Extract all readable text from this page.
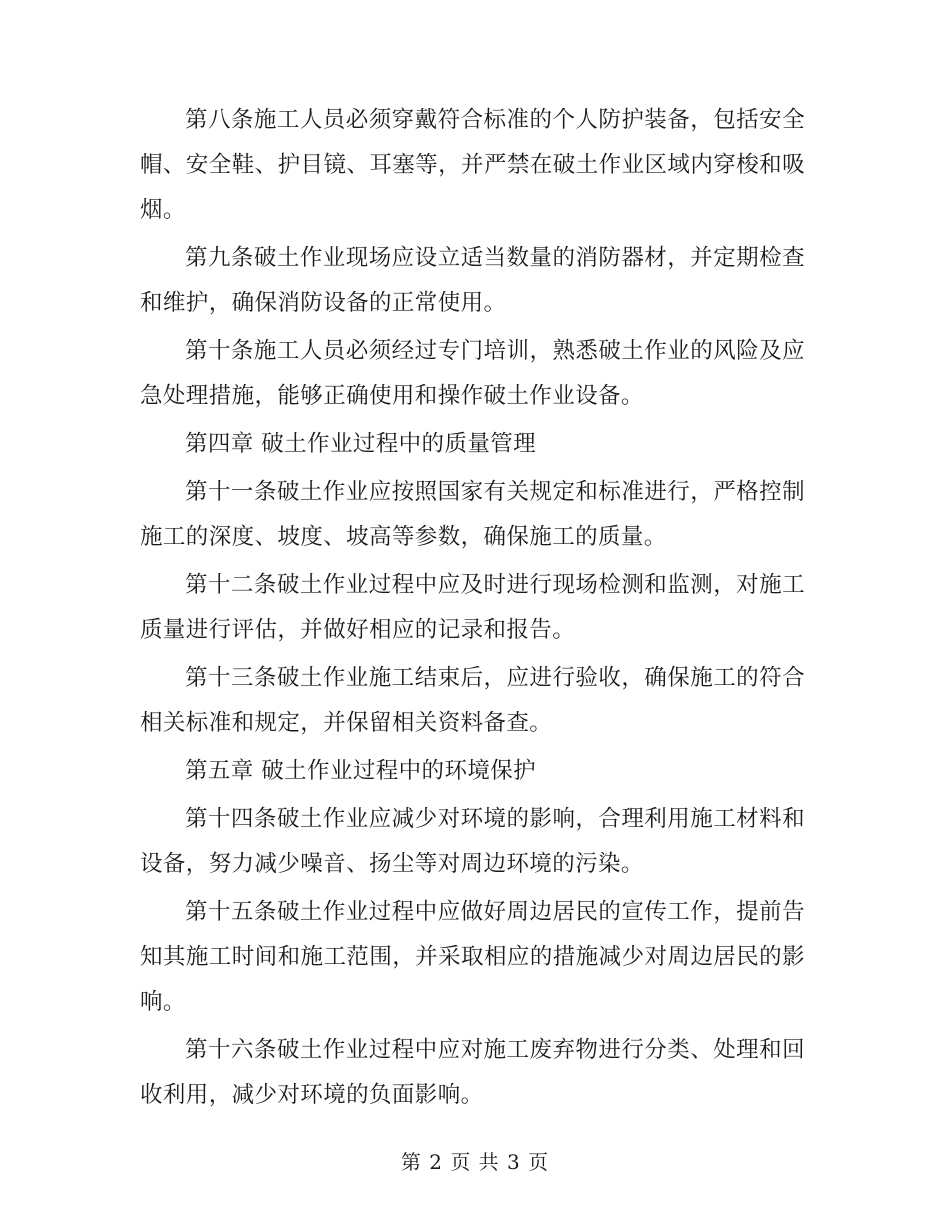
第八条施工人员必须穿戴符合标准的个人防护装备，包括安全帽、安全鞋、护目镜、耳塞等，并严禁在破土作业区域内穿梭和吸烟。

第九条破土作业现场应设立适当数量的消防器材，并定期检查和维护，确保消防设备的正常使用。

第十条施工人员必须经过专门培训，熟悉破土作业的风险及应急处理措施，能够正确使用和操作破土作业设备。

第四章 破土作业过程中的质量管理

第十一条破土作业应按照国家有关规定和标准进行，严格控制施工的深度、坡度、坡高等参数，确保施工的质量。

第十二条破土作业过程中应及时进行现场检测和监测，对施工质量进行评估，并做好相应的记录和报告。

第十三条破土作业施工结束后，应进行验收，确保施工的符合相关标准和规定，并保留相关资料备查。

第五章 破土作业过程中的环境保护

第十四条破土作业应减少对环境的影响，合理利用施工材料和设备，努力减少噪音、扬尘等对周边环境的污染。

第十五条破土作业过程中应做好周边居民的宣传工作，提前告知其施工时间和施工范围，并采取相应的措施减少对周边居民的影响。

第十六条破土作业过程中应对施工废弃物进行分类、处理和回收利用，减少对环境的负面影响。

第 2 页 共 3 页
